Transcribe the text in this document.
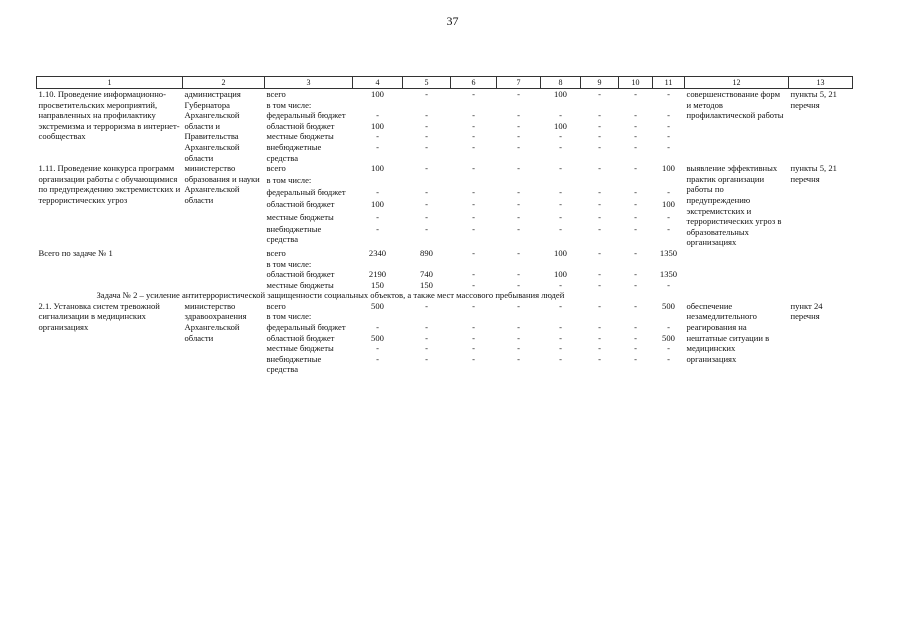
37
1	2	3	4	5	6	7	8	9	10	11	12	13
1.10. Проведение информационно-просветительских мероприятий, направленных на профилактику экстремизма и терроризма в интернет-сообществах	администрация Губернатора Архангельской области и Правительства Архангельской области	всего	100	-	-	-	100	-	-	-	совершенствование форм и методов профилактической работы	пункты 5, 21 перечня
		в том числе:										
		федеральный бюджет	-	-	-	-	-	-	-	-		
		областной бюджет	100	-	-	-	100	-	-	-		
		местные бюджеты	-	-	-	-	-	-	-	-		
		внебюджетные средства	-	-	-	-	-	-	-	-		
1.11. Проведение конкурса программ организации работы с обучающимися по предупреждению экстремистских и террористических угроз	министерство образования и науки Архангельской области	всего	100	-	-	-	-	-	-	100	выявление эффективных практик организации работы по предупреждению экстремистских и террористических угроз в образовательных организациях	пункты 5, 21 перечня
		в том числе:										
		федеральный бюджет	-	-	-	-	-	-	-	-		
		областной бюджет	100	-	-	-	-	-	-	100		
		местные бюджеты	-	-	-	-	-	-	-	-		
		внебюджетные средства	-	-	-	-	-	-	-	-		
Всего по задаче № 1		всего	2340	890	-	-	100	-	-	1350		
		в том числе:										
		областной бюджет	2190	740	-	-	100	-	-	1350		
		местные бюджеты	150	150	-	-	-	-	-	-		
Задача № 2 – усиление антитеррористической защищенности социальных объектов, а также мест массового пребывания людей												
2.1. Установка систем тревожной сигнализации в медицинских организациях	министерство здравоохранения Архангельской области	всего	500	-	-	-	-	-	-	500	обеспечение незамедлительного реагирования на нештатные ситуации в медицинских организациях	пункт 24 перечня
		в том числе:										
		федеральный бюджет	-	-	-	-	-	-	-	-		
		областной бюджет	500	-	-	-	-	-	-	500		
		местные бюджеты	-	-	-	-	-	-	-	-		
		внебюджетные средства	-	-	-	-	-	-	-	-		
